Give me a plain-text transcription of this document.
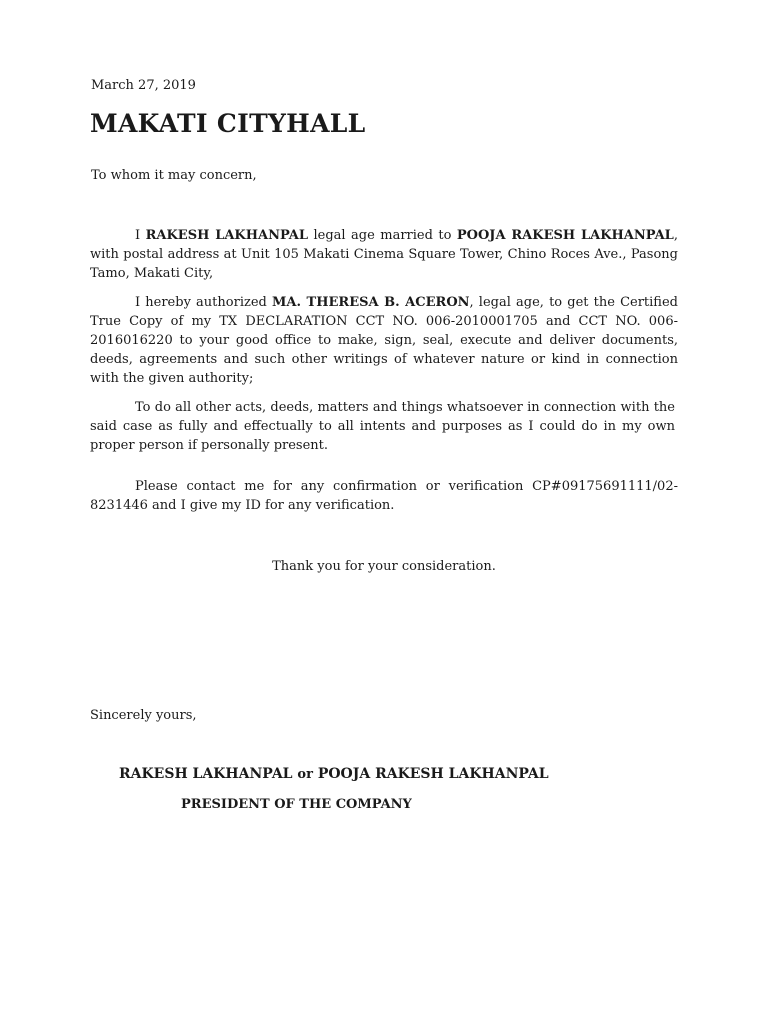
March 27, 2019
MAKATI CITYHALL
To whom it may concern,
I RAKESH LAKHANPAL legal age married to POOJA RAKESH LAKHANPAL, with postal address at Unit 105 Makati Cinema Square Tower, Chino Roces Ave., Pasong Tamo, Makati City,
I hereby authorized MA. THERESA B. ACERON, legal age, to get the Certified True Copy of my TX DECLARATION CCT NO. 006-2010001705 and CCT NO. 006-2016016220 to your good office to make, sign, seal, execute and deliver documents, deeds, agreements and such other writings of whatever nature or kind in connection with the given authority;
To do all other acts, deeds, matters and things whatsoever in connection with the said case as fully and effectually to all intents and purposes as I could do in my own proper person if personally present.
Please contact me for any confirmation or verification CP#09175691111/02-8231446 and I give my ID for any verification.
Thank you for your consideration.
Sincerely yours,
RAKESH LAKHANPAL or POOJA RAKESH LAKHANPAL
PRESIDENT OF THE COMPANY
